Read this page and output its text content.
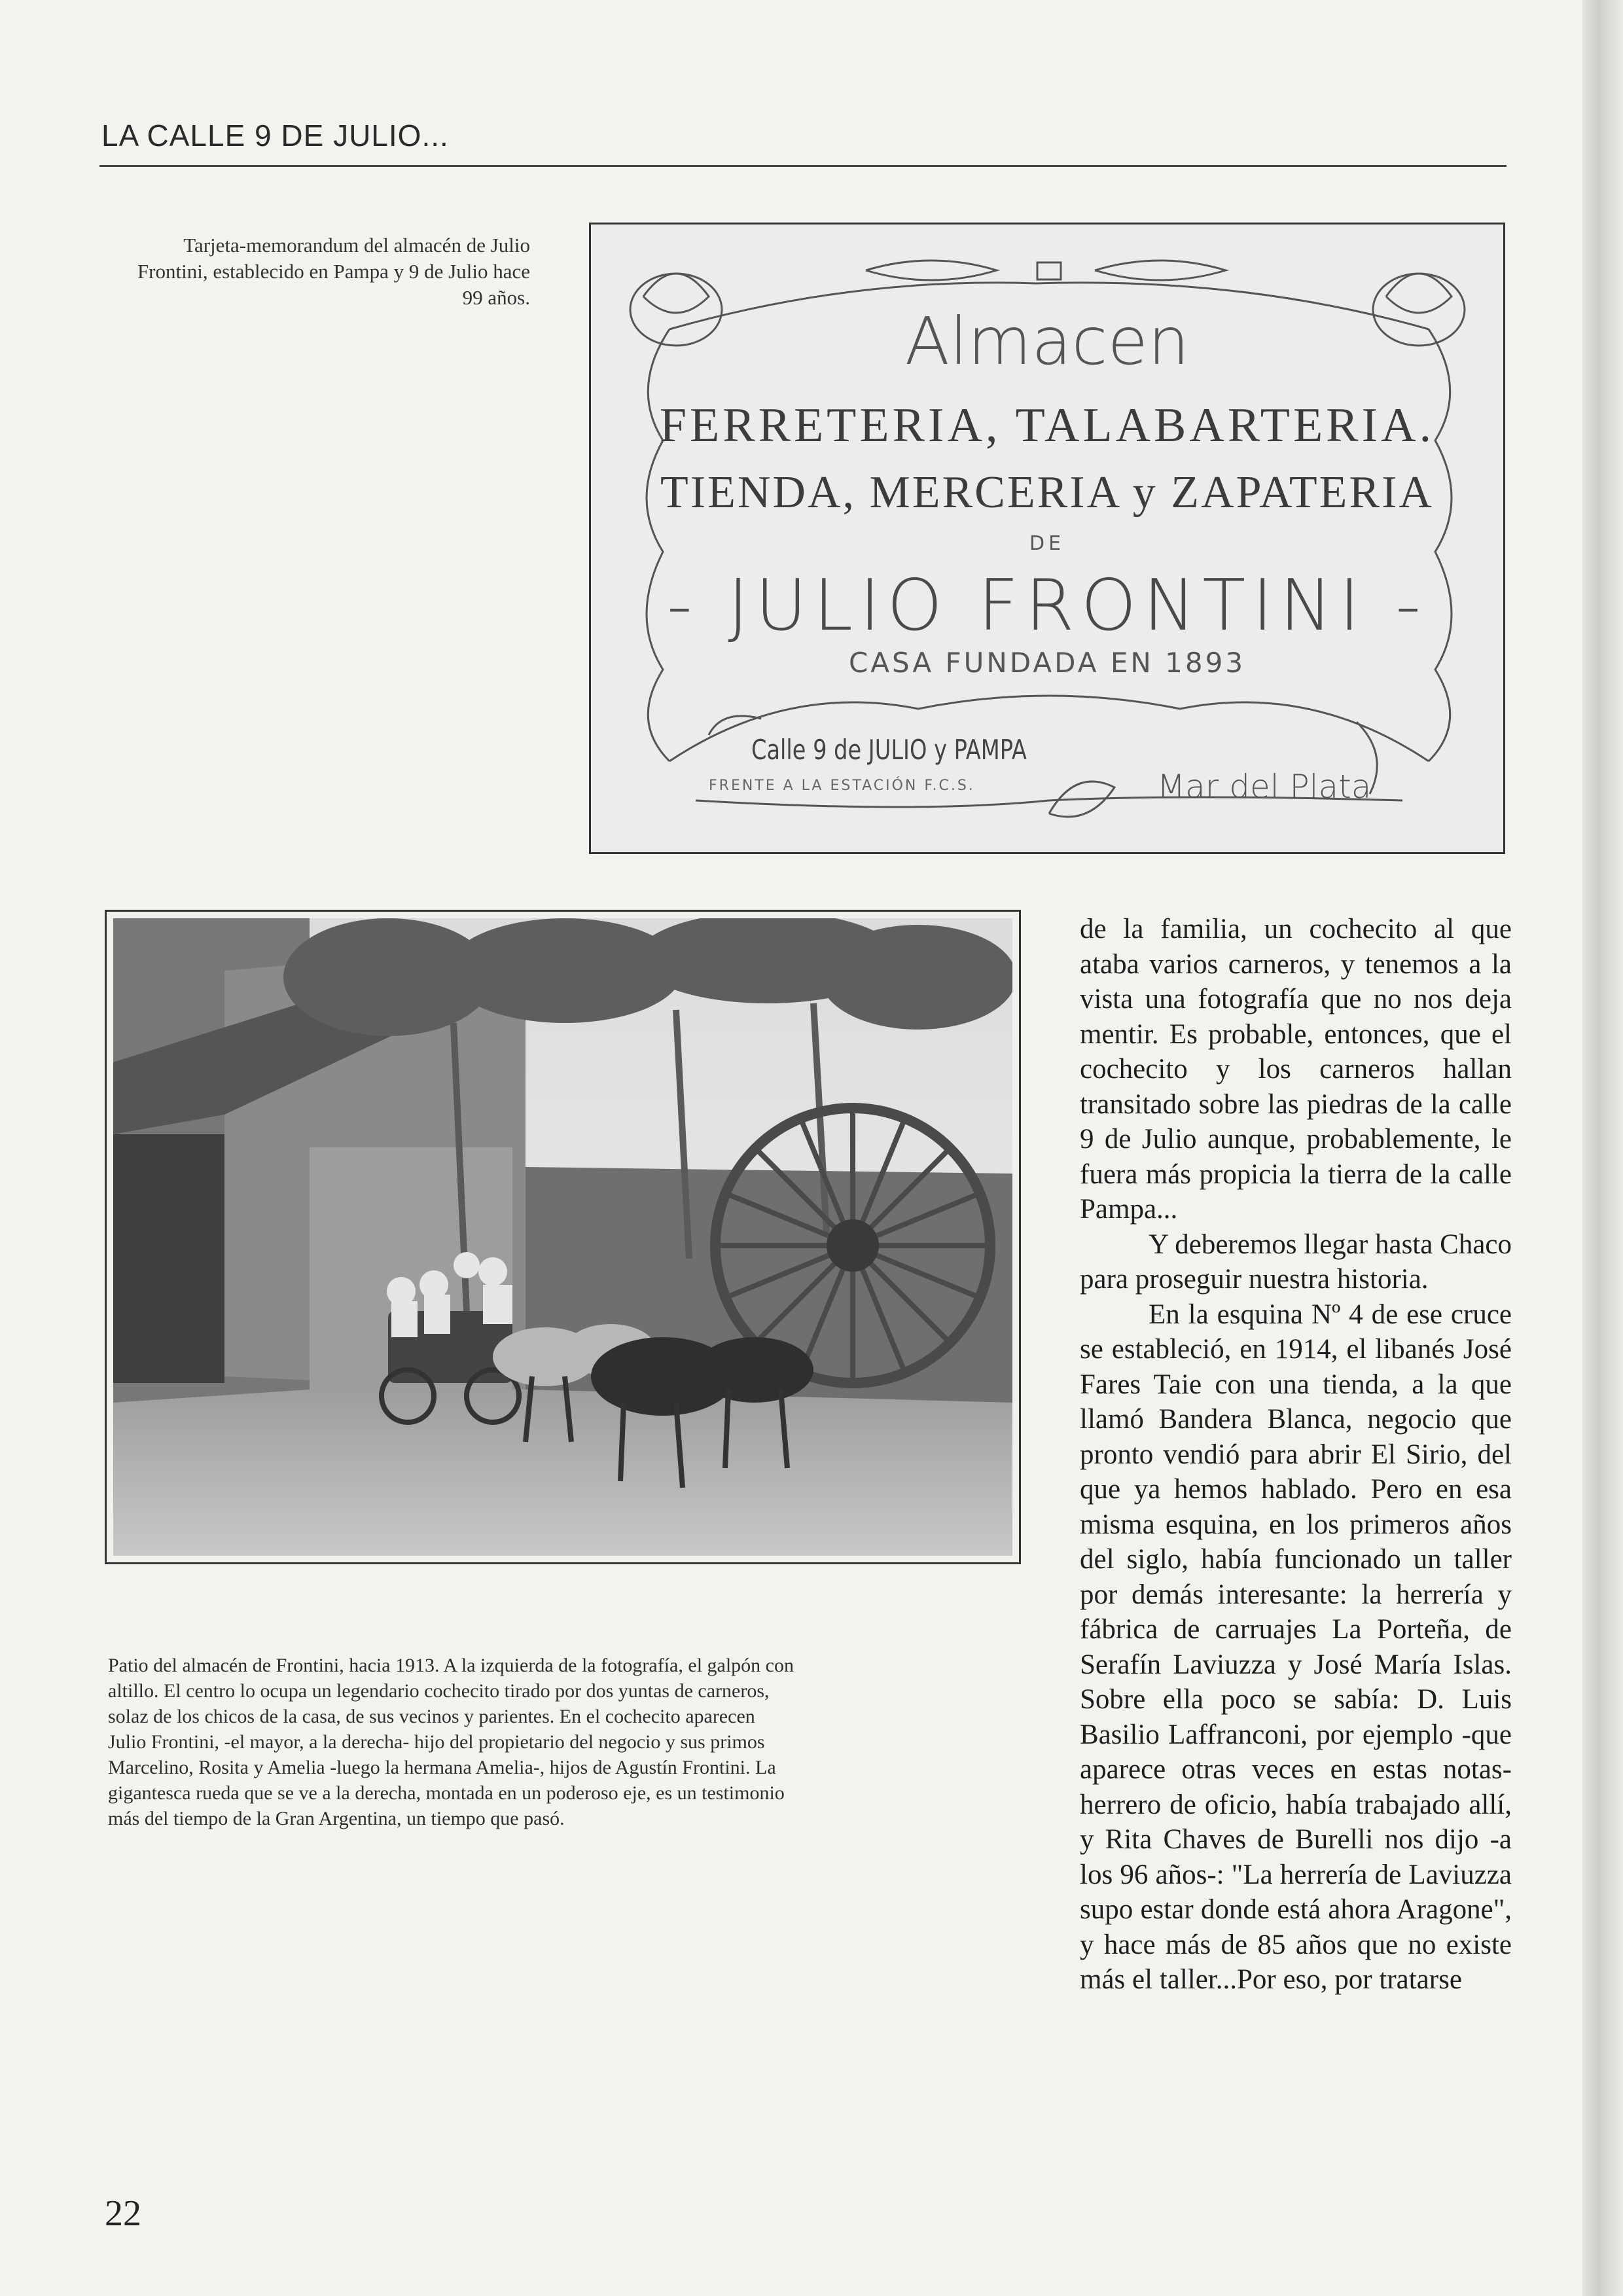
LA CALLE 9 DE JULIO...
Tarjeta-memorandum del almacén de Julio Frontini, establecido en Pampa y 9 de Julio hace 99 años.
Almacen
FERRETERIA, TALABARTERIA.
TIENDA, MERCERIA y ZAPATERIA
DE
- JULIO FRONTINI -
CASA FUNDADA EN 1893
Calle 9 de JULIO y PAMPA
FRENTE A LA ESTACIÓN F.C.S.	Mar del Plata
Patio del almacén de Frontini, hacia 1913. A la izquierda de la fotografía, el galpón con altillo. El centro lo ocupa un legendario cochecito tirado por dos yuntas de carneros, solaz de los chicos de la casa, de sus vecinos y parientes. En el cochecito aparecen Julio Frontini, -el mayor, a la derecha- hijo del propietario del negocio y sus primos Marcelino, Rosita y Amelia -luego la hermana Amelia-, hijos de Agustín Frontini. La gigantesca rueda que se ve a la derecha, montada en un poderoso eje, es un testimonio más del tiempo de la Gran Argentina, un tiempo que pasó.

de la familia, un cochecito al que ataba varios carneros, y tenemos a la vista una fotografía que no nos deja mentir. Es probable, entonces, que el cochecito y los carneros hallan transitado sobre las piedras de la calle 9 de Julio aunque, probablemente, le fuera más propicia la tierra de la calle Pampa...

Y deberemos llegar hasta Chaco para proseguir nuestra historia.

En la esquina Nº 4 de ese cruce se estableció, en 1914, el libanés José Fares Taie con una tienda, a la que llamó Bandera Blanca, negocio que pronto vendió para abrir El Sirio, del que ya hemos hablado. Pero en esa misma esquina, en los primeros años del siglo, había funcionado un taller por demás interesante: la herrería y fábrica de carruajes La Porteña, de Serafín Laviuzza y José María Islas. Sobre ella poco se sabía: D. Luis Basilio Laffranconi, por ejemplo -que aparece otras veces en estas notas- herrero de oficio, había trabajado allí, y Rita Chaves de Burelli nos dijo -a los 96 años-: "La herrería de Laviuzza supo estar donde está ahora Aragone", y hace más de 85 años que no existe más el taller...Por eso, por tratarse

22
